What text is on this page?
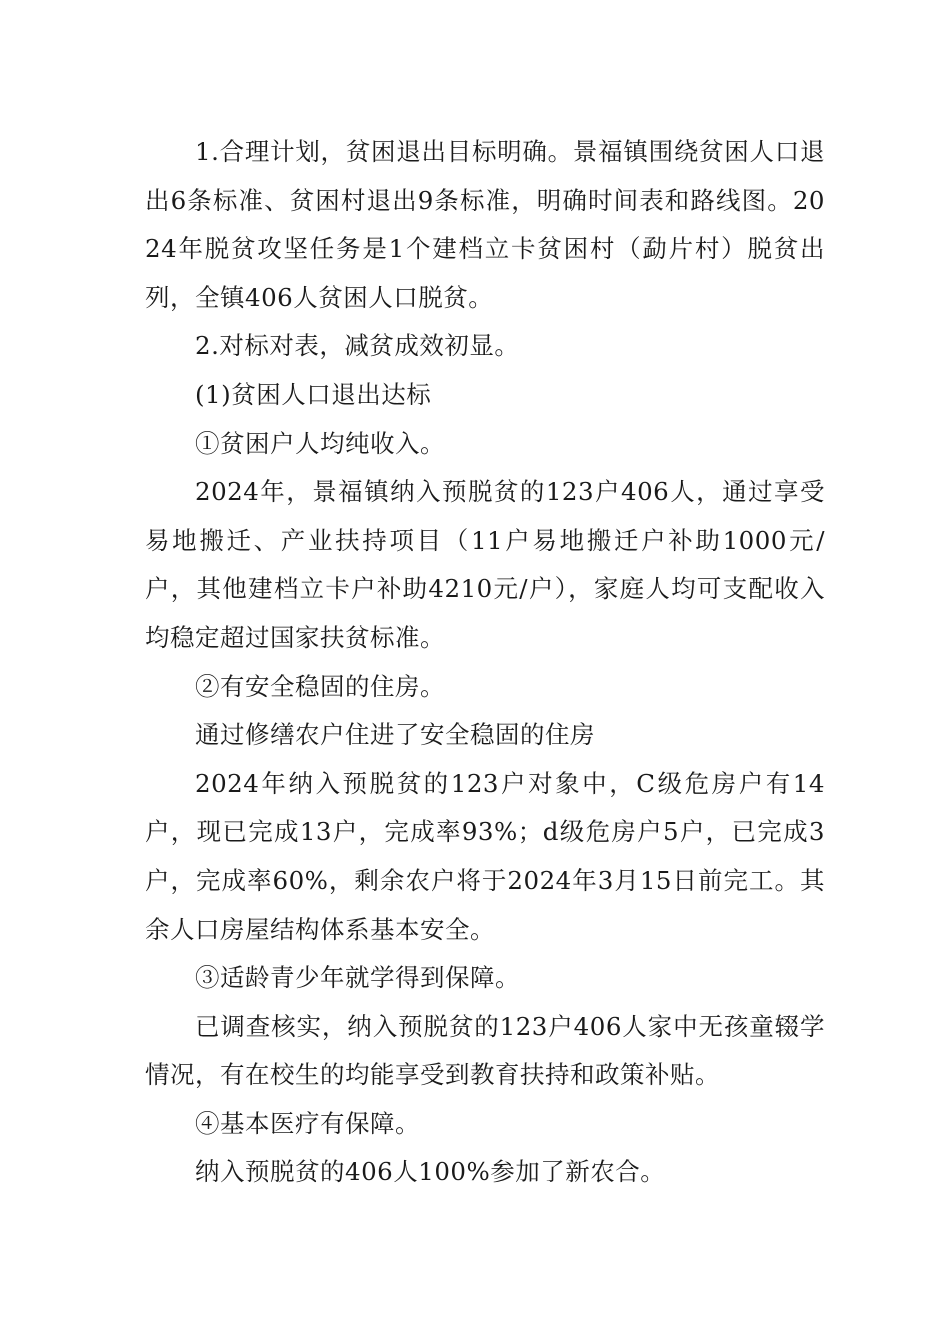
1.合理计划，贫困退出目标明确。景福镇围绕贫困人口退出6条标准、贫困村退出9条标准，明确时间表和路线图。2024年脱贫攻坚任务是1个建档立卡贫困村（勐片村）脱贫出列，全镇406人贫困人口脱贫。

2.对标对表，减贫成效初显。

(1)贫困人口退出达标

①贫困户人均纯收入。

2024年，景福镇纳入预脱贫的123户406人，通过享受易地搬迁、产业扶持项目（11户易地搬迁户补助1000元/户，其他建档立卡户补助4210元/户），家庭人均可支配收入均稳定超过国家扶贫标准。

②有安全稳固的住房。

通过修缮农户住进了安全稳固的住房

2024年纳入预脱贫的123户对象中，C级危房户有14户，现已完成13户，完成率93%；d级危房户5户，已完成3户，完成率60%，剩余农户将于2024年3月15日前完工。其余人口房屋结构体系基本安全。

③适龄青少年就学得到保障。

已调查核实，纳入预脱贫的123户406人家中无孩童辍学情况，有在校生的均能享受到教育扶持和政策补贴。

④基本医疗有保障。

纳入预脱贫的406人100%参加了新农合。
